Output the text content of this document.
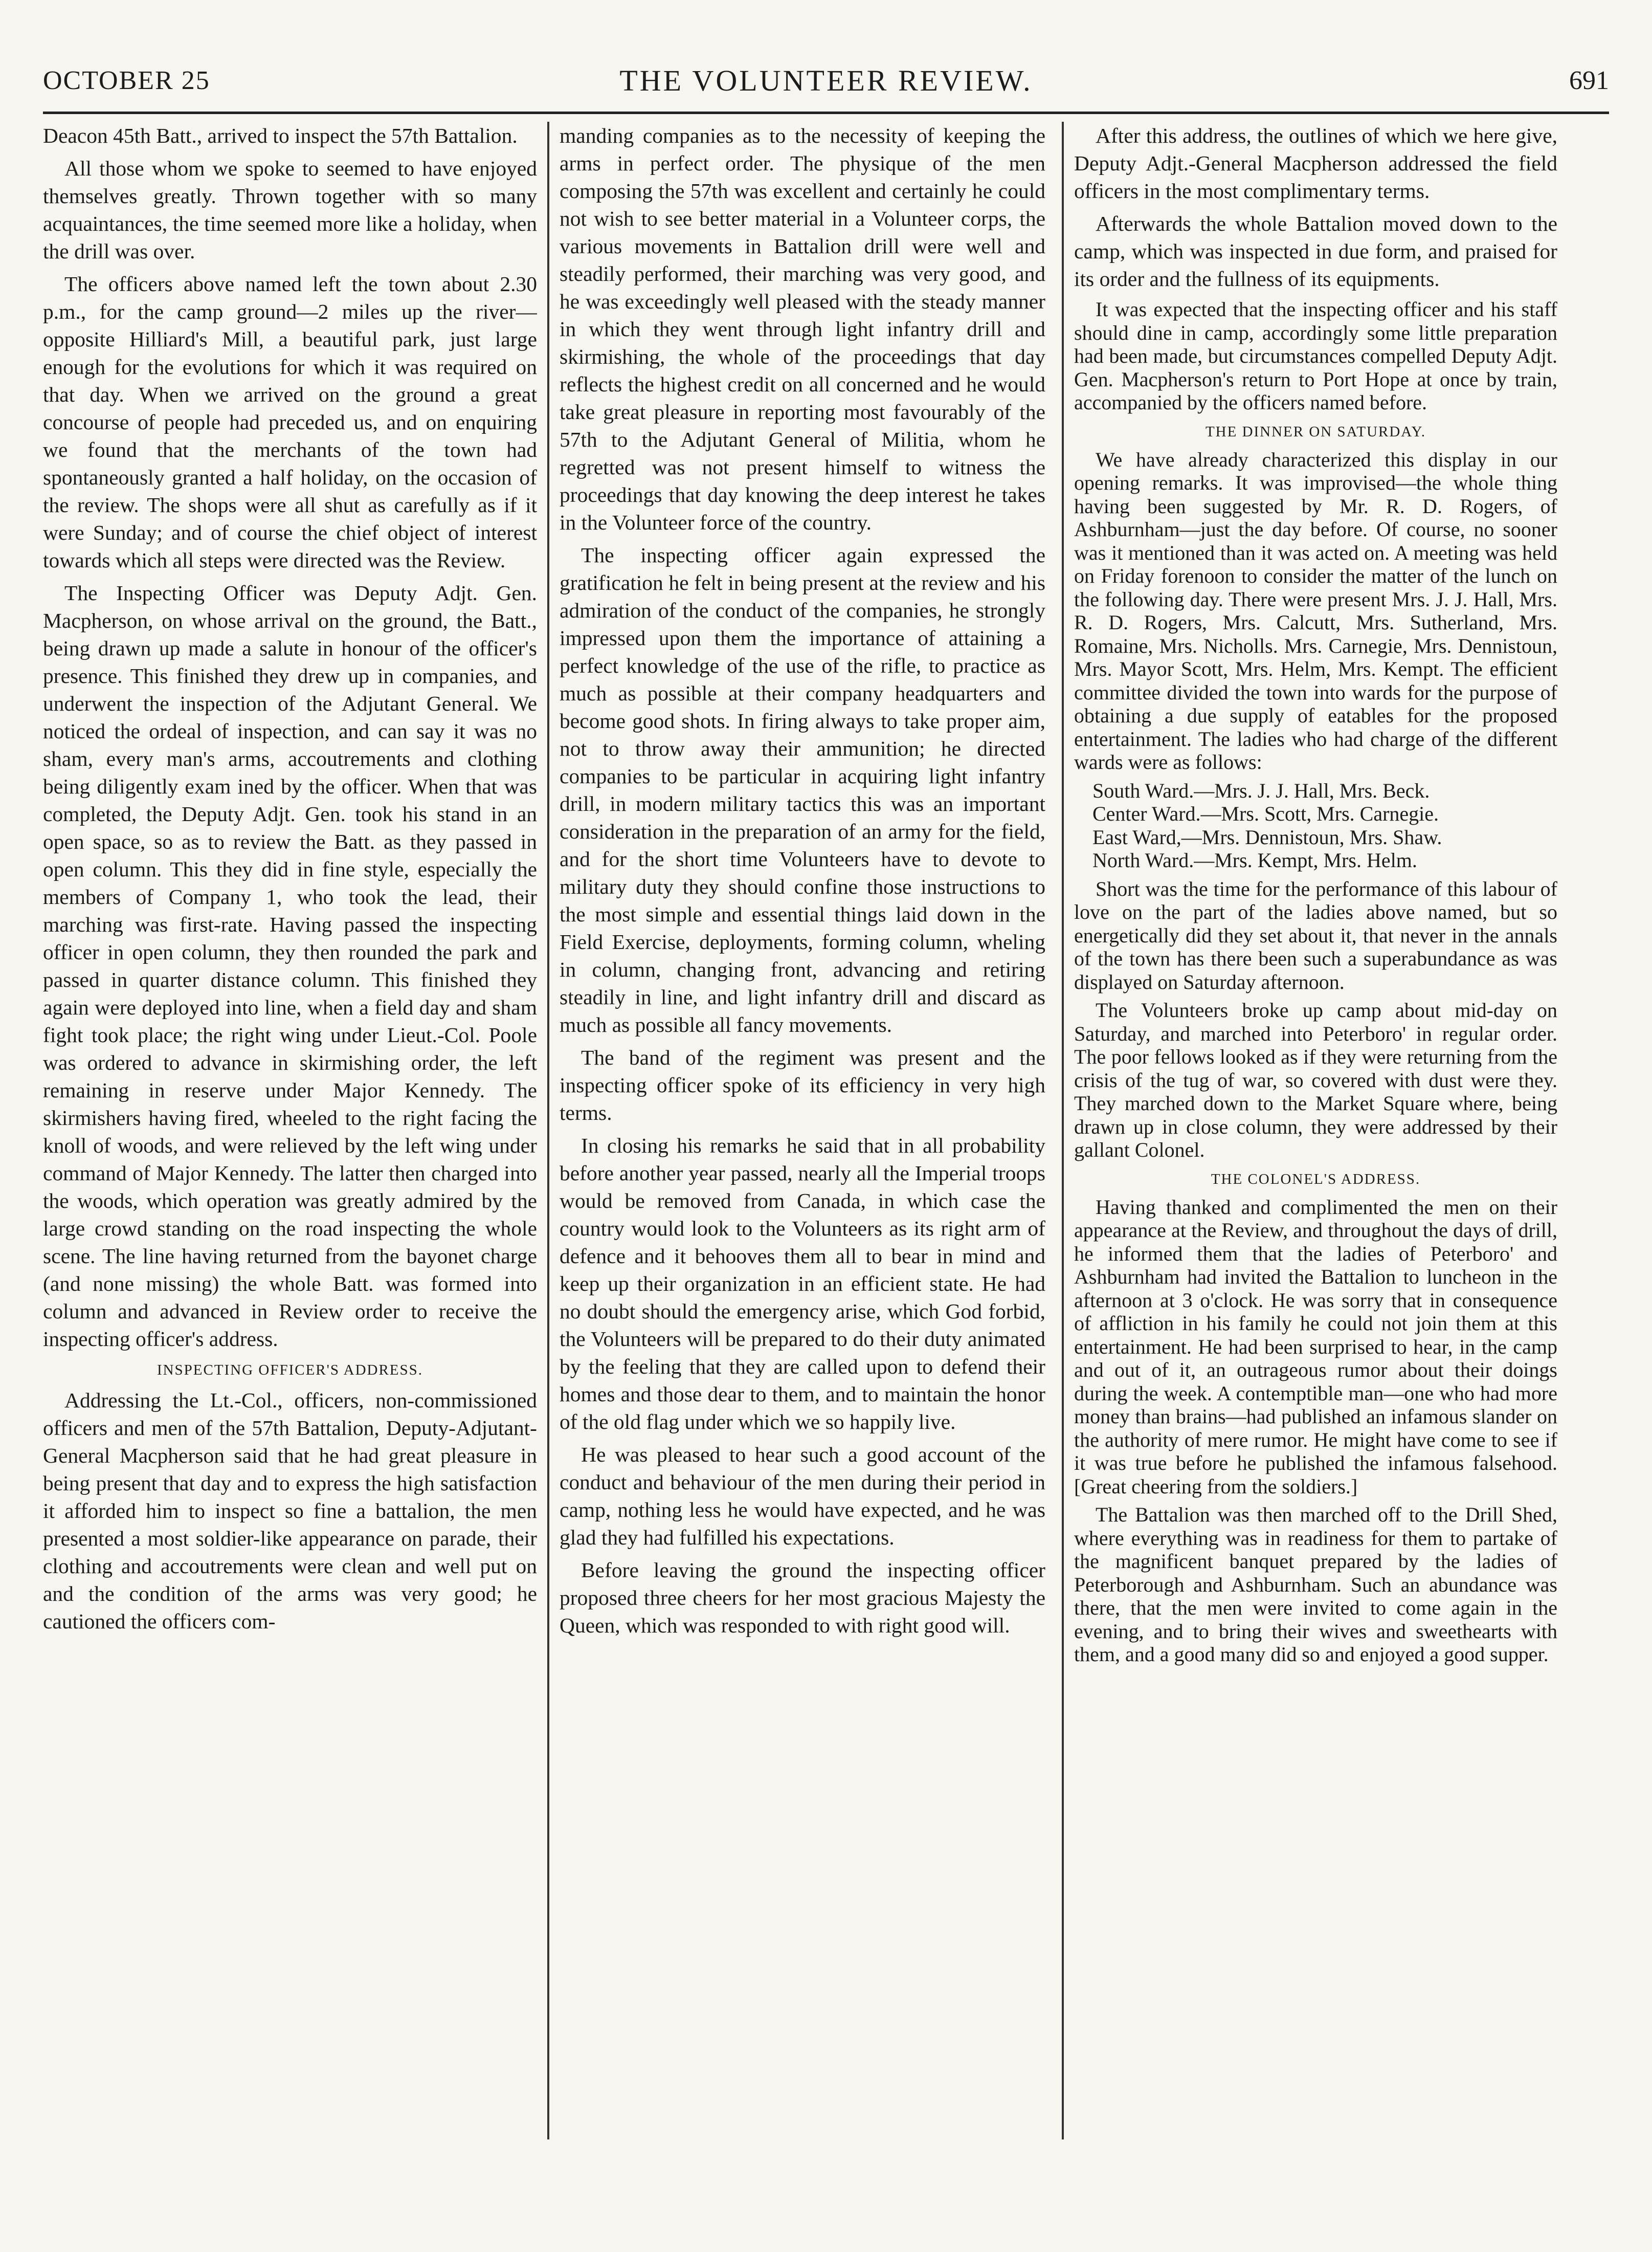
OCTOBER 25	THE VOLUNTEER REVIEW.	691

Deacon 45th Batt., arrived to inspect the 57th Battalion.

All those whom we spoke to seemed to have enjoyed themselves greatly. Thrown together with so many acquaintances, the time seemed more like a holiday, when the drill was over.

The officers above named left the town about 2.30 p.m., for the camp ground—2 miles up the river—opposite Hilliard's Mill, a beautiful park, just large enough for the evolutions for which it was required on that day. When we arrived on the ground a great concourse of people had preceded us, and on enquiring we found that the merchants of the town had spontaneously granted a half holiday, on the occasion of the review. The shops were all shut as carefully as if it were Sunday; and of course the chief object of interest towards which all steps were directed was the Review.

The Inspecting Officer was Deputy Adjt. Gen. Macpherson, on whose arrival on the ground, the Batt., being drawn up made a salute in honour of the officer's presence. This finished they drew up in companies, and underwent the inspection of the Adjutant General. We noticed the ordeal of inspection, and can say it was no sham, every man's arms, accoutrements and clothing being diligently exam ined by the officer. When that was completed, the Deputy Adjt. Gen. took his stand in an open space, so as to review the Batt. as they passed in open column. This they did in fine style, especially the members of Company 1, who took the lead, their marching was first-rate. Having passed the inspecting officer in open column, they then rounded the park and passed in quarter distance column. This finished they again were deployed into line, when a field day and sham fight took place; the right wing under Lieut.-Col. Poole was ordered to advance in skirmishing order, the left remaining in reserve under Major Kennedy. The skirmishers having fired, wheeled to the right facing the knoll of woods, and were relieved by the left wing under command of Major Kennedy. The latter then charged into the woods, which operation was greatly admired by the large crowd standing on the road inspecting the whole scene. The line having returned from the bayonet charge (and none missing) the whole Batt. was formed into column and advanced in Review order to receive the inspecting officer's address.

INSPECTING OFFICER'S ADDRESS.

Addressing the Lt.-Col., officers, non-commissioned officers and men of the 57th Battalion, Deputy-Adjutant-General Macpherson said that he had great pleasure in being present that day and to express the high satisfaction it afforded him to inspect so fine a battalion, the men presented a most soldier-like appearance on parade, their clothing and accoutrements were clean and well put on and the condition of the arms was very good; he cautioned the officers com-

manding companies as to the necessity of keeping the arms in perfect order. The physique of the men composing the 57th was excellent and certainly he could not wish to see better material in a Volunteer corps, the various movements in Battalion drill were well and steadily performed, their marching was very good, and he was exceedingly well pleased with the steady manner in which they went through light infantry drill and skirmishing, the whole of the proceedings that day reflects the highest credit on all concerned and he would take great pleasure in reporting most favourably of the 57th to the Adjutant General of Militia, whom he regretted was not present himself to witness the proceedings that day knowing the deep interest he takes in the Volunteer force of the country.

The inspecting officer again expressed the gratification he felt in being present at the review and his admiration of the conduct of the companies, he strongly impressed upon them the importance of attaining a perfect knowledge of the use of the rifle, to practice as much as possible at their company headquarters and become good shots. In firing always to take proper aim, not to throw away their ammunition; he directed companies to be particular in acquiring light infantry drill, in modern military tactics this was an important consideration in the preparation of an army for the field, and for the short time Volunteers have to devote to military duty they should confine those instructions to the most simple and essential things laid down in the Field Exercise, deployments, forming column, wheling in column, changing front, advancing and retiring steadily in line, and light infantry drill and discard as much as possible all fancy movements.

The band of the regiment was present and the inspecting officer spoke of its efficiency in very high terms.

In closing his remarks he said that in all probability before another year passed, nearly all the Imperial troops would be removed from Canada, in which case the country would look to the Volunteers as its right arm of defence and it behooves them all to bear in mind and keep up their organization in an efficient state. He had no doubt should the emergency arise, which God forbid, the Volunteers will be prepared to do their duty animated by the feeling that they are called upon to defend their homes and those dear to them, and to maintain the honor of the old flag under which we so happily live.

He was pleased to hear such a good account of the conduct and behaviour of the men during their period in camp, nothing less he would have expected, and he was glad they had fulfilled his expectations.

Before leaving the ground the inspecting officer proposed three cheers for her most gracious Majesty the Queen, which was responded to with right good will.

After this address, the outlines of which we here give, Deputy Adjt.-General Macpherson addressed the field officers in the most complimentary terms.

Afterwards the whole Battalion moved down to the camp, which was inspected in due form, and praised for its order and the fullness of its equipments.

It was expected that the inspecting officer and his staff should dine in camp, accordingly some little preparation had been made, but circumstances compelled Deputy Adjt. Gen. Macpherson's return to Port Hope at once by train, accompanied by the officers named before.

THE DINNER ON SATURDAY.

We have already characterized this display in our opening remarks. It was improvised—the whole thing having been suggested by Mr. R. D. Rogers, of Ashburnham—just the day before. Of course, no sooner was it mentioned than it was acted on. A meeting was held on Friday forenoon to consider the matter of the lunch on the following day. There were present Mrs. J. J. Hall, Mrs. R. D. Rogers, Mrs. Calcutt, Mrs. Sutherland, Mrs. Romaine, Mrs. Nicholls. Mrs. Carnegie, Mrs. Dennistoun, Mrs. Mayor Scott, Mrs. Helm, Mrs. Kempt. The efficient committee divided the town into wards for the purpose of obtaining a due supply of eatables for the proposed entertainment. The ladies who had charge of the different wards were as follows:

South Ward.—Mrs. J. J. Hall, Mrs. Beck.
Center Ward.—Mrs. Scott, Mrs. Carnegie.
East Ward,—Mrs. Dennistoun, Mrs. Shaw.
North Ward.—Mrs. Kempt, Mrs. Helm.

Short was the time for the performance of this labour of love on the part of the ladies above named, but so energetically did they set about it, that never in the annals of the town has there been such a superabundance as was displayed on Saturday afternoon.

The Volunteers broke up camp about mid-day on Saturday, and marched into Peterboro' in regular order. The poor fellows looked as if they were returning from the crisis of the tug of war, so covered with dust were they. They marched down to the Market Square where, being drawn up in close column, they were addressed by their gallant Colonel.

THE COLONEL'S ADDRESS.

Having thanked and complimented the men on their appearance at the Review, and throughout the days of drill, he informed them that the ladies of Peterboro' and Ashburnham had invited the Battalion to luncheon in the afternoon at 3 o'clock. He was sorry that in consequence of affliction in his family he could not join them at this entertainment. He had been surprised to hear, in the camp and out of it, an outrageous rumor about their doings during the week. A contemptible man—one who had more money than brains—had published an infamous slander on the authority of mere rumor. He might have come to see if it was true before he published the infamous falsehood. [Great cheering from the soldiers.]

The Battalion was then marched off to the Drill Shed, where everything was in readiness for them to partake of the magnificent banquet prepared by the ladies of Peterborough and Ashburnham. Such an abundance was there, that the men were invited to come again in the evening, and to bring their wives and sweethearts with them, and a good many did so and enjoyed a good supper.
